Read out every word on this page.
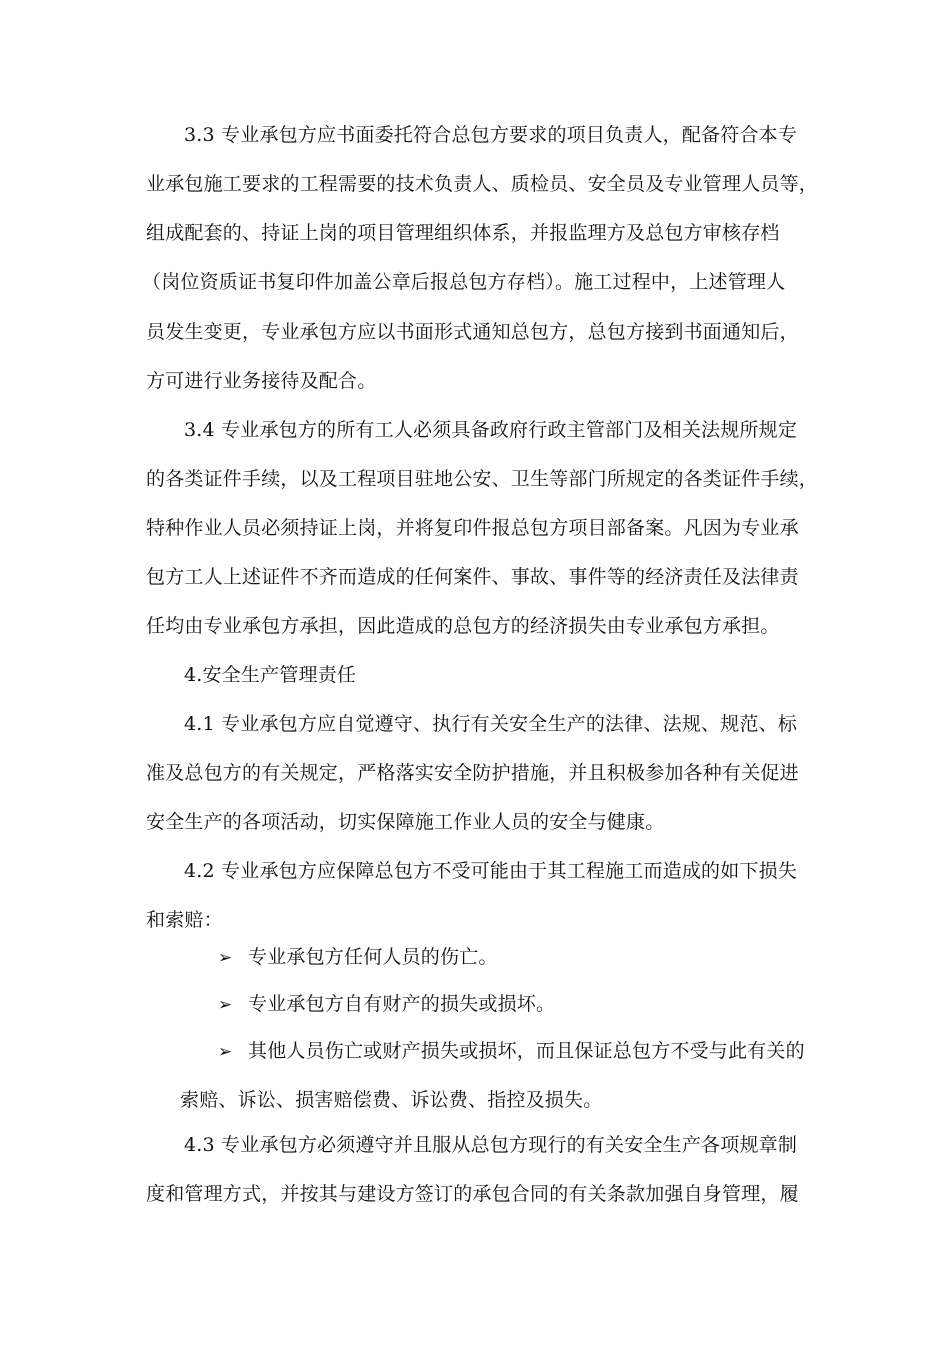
3.3 专业承包方应书面委托符合总包方要求的项目负责人，配备符合本专
业承包施工要求的工程需要的技术负责人、质检员、安全员及专业管理人员等，
组成配套的、持证上岗的项目管理组织体系，并报监理方及总包方审核存档
（岗位资质证书复印件加盖公章后报总包方存档）。施工过程中，上述管理人
员发生变更，专业承包方应以书面形式通知总包方，总包方接到书面通知后，
方可进行业务接待及配合。
3.4 专业承包方的所有工人必须具备政府行政主管部门及相关法规所规定
的各类证件手续，以及工程项目驻地公安、卫生等部门所规定的各类证件手续，
特种作业人员必须持证上岗，并将复印件报总包方项目部备案。凡因为专业承
包方工人上述证件不齐而造成的任何案件、事故、事件等的经济责任及法律责
任均由专业承包方承担，因此造成的总包方的经济损失由专业承包方承担。
4.安全生产管理责任
4.1 专业承包方应自觉遵守、执行有关安全生产的法律、法规、规范、标
准及总包方的有关规定，严格落实安全防护措施，并且积极参加各种有关促进
安全生产的各项活动，切实保障施工作业人员的安全与健康。
4.2 专业承包方应保障总包方不受可能由于其工程施工而造成的如下损失
和索赔：
➢ 专业承包方任何人员的伤亡。
➢ 专业承包方自有财产的损失或损坏。
➢ 其他人员伤亡或财产损失或损坏，而且保证总包方不受与此有关的
索赔、诉讼、损害赔偿费、诉讼费、指控及损失。
4.3 专业承包方必须遵守并且服从总包方现行的有关安全生产各项规章制
度和管理方式，并按其与建设方签订的承包合同的有关条款加强自身管理，履
